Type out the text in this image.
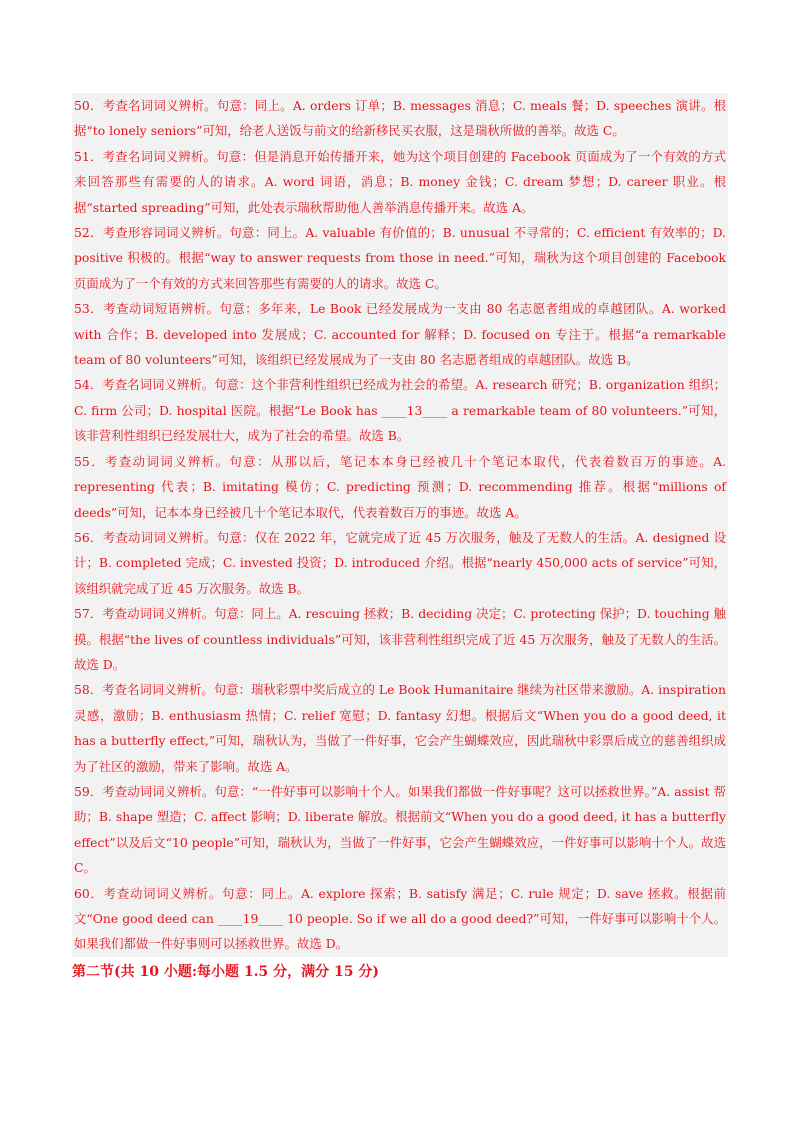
50．考查名词词义辨析。句意：同上。A. orders 订单；B. messages 消息；C. meals 餐；D. speeches 演讲。根据“to lonely seniors”可知，给老人送饭与前文的给新移民买衣服，这是瑞秋所做的善举。故选 C。

51．考查名词词义辨析。句意：但是消息开始传播开来，她为这个项目创建的 Facebook 页面成为了一个有效的方式来回答那些有需要的人的请求。A. word 词语，消息；B. money 金钱；C. dream 梦想；D. career 职业。根据“started spreading”可知，此处表示瑞秋帮助他人善举消息传播开来。故选 A。

52．考查形容词词义辨析。句意：同上。A. valuable 有价值的；B. unusual 不寻常的；C. efficient 有效率的；D. positive 积极的。根据“way to answer requests from those in need.”可知，瑞秋为这个项目创建的 Facebook 页面成为了一个有效的方式来回答那些有需要的人的请求。故选 C。

53．考查动词短语辨析。句意：多年来，Le Book 已经发展成为一支由 80 名志愿者组成的卓越团队。A. worked with 合作；B. developed into 发展成；C. accounted for 解释；D. focused on 专注于。根据“a remarkable team of 80 volunteers”可知，该组织已经发展成为了一支由 80 名志愿者组成的卓越团队。故选 B。

54．考查名词词义辨析。句意：这个非营利性组织已经成为社会的希望。A. research 研究；B. organization 组织；C. firm 公司；D. hospital 医院。根据“Le Book has ____13____ a remarkable team of 80 volunteers.”可知，该非营利性组织已经发展壮大，成为了社会的希望。故选 B。

55．考查动词词义辨析。句意：从那以后，笔记本本身已经被几十个笔记本取代，代表着数百万的事迹。A. representing 代表；B. imitating 模仿；C. predicting 预测；D. recommending 推荐。根据“millions of deeds”可知，记本本身已经被几十个笔记本取代，代表着数百万的事迹。故选 A。

56．考查动词词义辨析。句意：仅在 2022 年，它就完成了近 45 万次服务，触及了无数人的生活。A. designed 设计；B. completed 完成；C. invested 投资；D. introduced 介绍。根据“nearly 450,000 acts of service”可知，该组织就完成了近 45 万次服务。故选 B。

57．考查动词词义辨析。句意：同上。A. rescuing 拯救；B. deciding 决定；C. protecting 保护；D. touching 触摸。根据“the lives of countless individuals”可知，该非营利性组织完成了近 45 万次服务，触及了无数人的生活。故选 D。

58．考查名词词义辨析。句意：瑞秋彩票中奖后成立的 Le Book Humanitaire 继续为社区带来激励。A. inspiration 灵感，激励；B. enthusiasm 热情；C. relief 宽慰；D. fantasy 幻想。根据后文“When you do a good deed, it has a butterfly effect,”可知，瑞秋认为，当做了一件好事，它会产生蝴蝶效应，因此瑞秋中彩票后成立的慈善组织成为了社区的激励，带来了影响。故选 A。

59．考查动词词义辨析。句意：“一件好事可以影响十个人。如果我们都做一件好事呢？这可以拯救世界。”A. assist 帮助；B. shape 塑造；C. affect 影响；D. liberate 解放。根据前文“When you do a good deed, it has a butterfly effect”以及后文“10 people”可知，瑞秋认为，当做了一件好事，它会产生蝴蝶效应，一件好事可以影响十个人。故选 C。

60．考查动词词义辨析。句意：同上。A. explore 探索；B. satisfy 满足；C. rule 规定；D. save 拯救。根据前文“One good deed can ____19____ 10 people. So if we all do a good deed?”可知，一件好事可以影响十个人。如果我们都做一件好事则可以拯救世界。故选 D。

第二节(共 10 小题:每小题 1.5 分，满分 15 分)
